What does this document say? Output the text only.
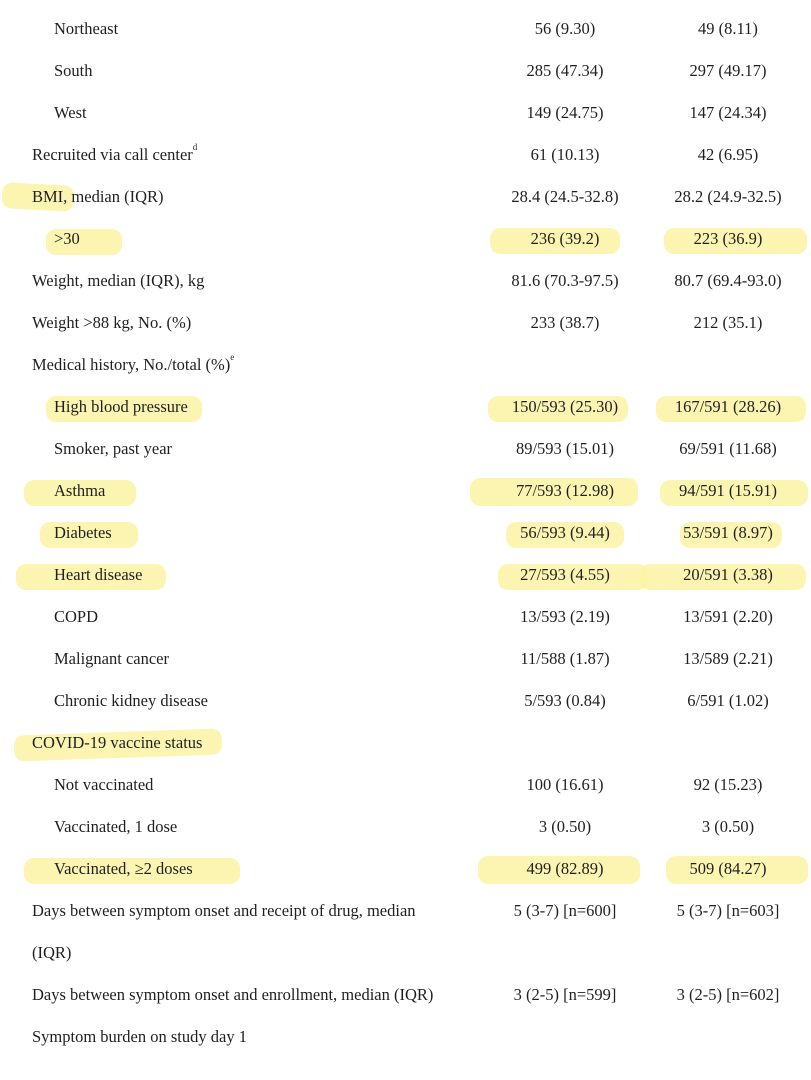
Northeast	56 (9.30)	49 (8.11)
South	285 (47.34)	297 (49.17)
West	149 (24.75)	147 (24.34)
Recruited via call center$^d$	61 (10.13)	42 (6.95)
BMI, median (IQR)	28.4 (24.5-32.8)	28.2 (24.9-32.5)
>30	236 (39.2)	223 (36.9)
Weight, median (IQR), kg	81.6 (70.3-97.5)	80.7 (69.4-93.0)
Weight >88 kg, No. (%)	233 (38.7)	212 (35.1)
Medical history, No./total (%)$^e$
High blood pressure	150/593 (25.30)	167/591 (28.26)
Smoker, past year	89/593 (15.01)	69/591 (11.68)
Asthma	77/593 (12.98)	94/591 (15.91)
Diabetes	56/593 (9.44)	53/591 (8.97)
Heart disease	27/593 (4.55)	20/591 (3.38)
COPD	13/593 (2.19)	13/591 (2.20)
Malignant cancer	11/588 (1.87)	13/589 (2.21)
Chronic kidney disease	5/593 (0.84)	6/591 (1.02)
COVID-19 vaccine status
Not vaccinated	100 (16.61)	92 (15.23)
Vaccinated, 1 dose	3 (0.50)	3 (0.50)
Vaccinated, ≥2 doses	499 (82.89)	509 (84.27)
Days between symptom onset and receipt of drug, median	5 (3-7) [n=600]	5 (3-7) [n=603]
(IQR)
Days between symptom onset and enrollment, median (IQR)	3 (2-5) [n=599]	3 (2-5) [n=602]
Symptom burden on study day 1
